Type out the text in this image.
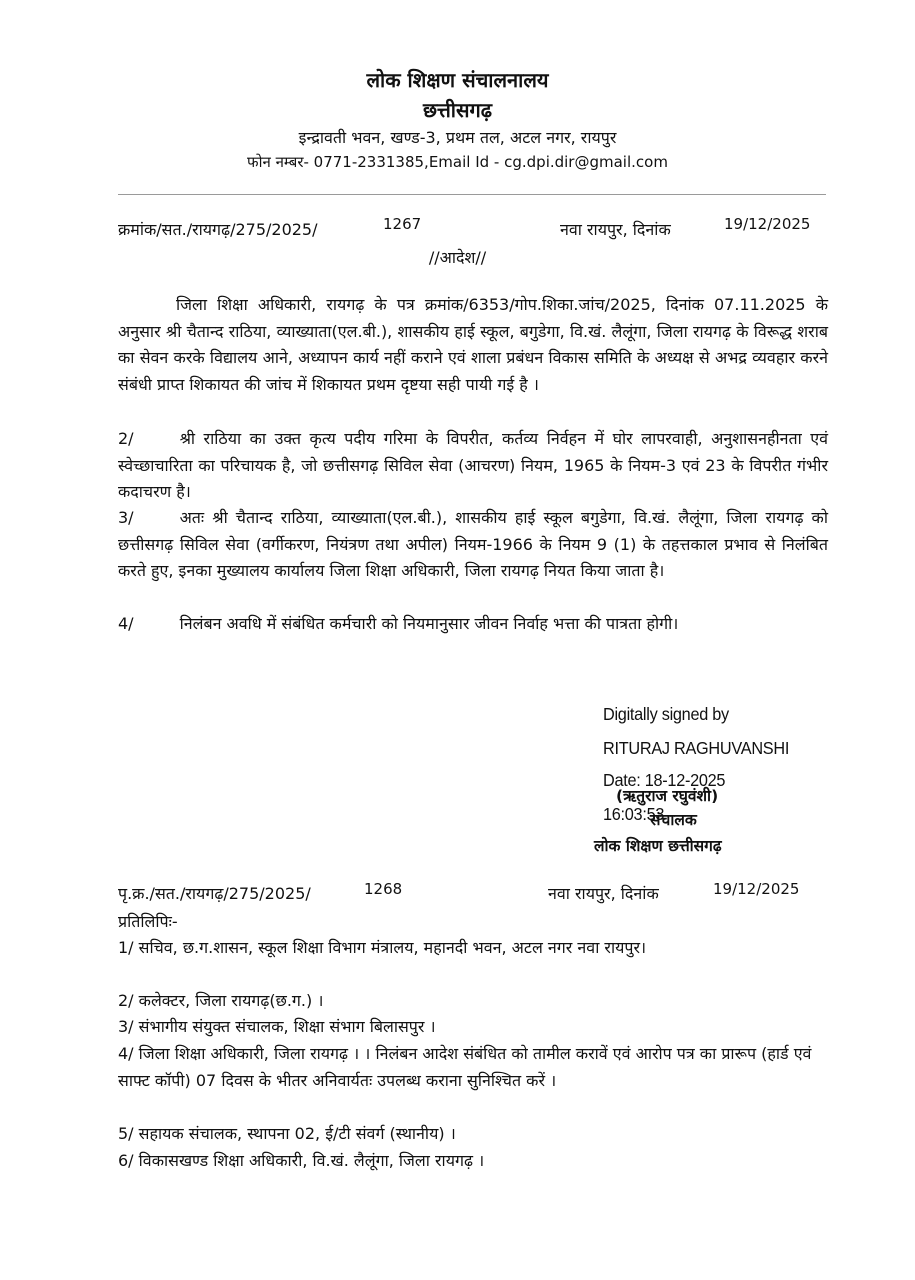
लोक शिक्षण संचालनालय
छत्तीसगढ़
इन्द्रावती भवन, खण्ड-3, प्रथम तल, अटल नगर, रायपुर
फोन नम्बर- 0771-2331385,Email Id - cg.dpi.dir@gmail.com
क्रमांक/सत./रायगढ़/275/2025/	1267	नवा रायपुर, दिनांक	19/12/2025
//आदेश//
जिला शिक्षा अधिकारी, रायगढ़ के पत्र क्रमांक/6353/गोप.शिका.जांच/2025, दिनांक 07.11.2025 के अनुसार श्री चैतान्द राठिया, व्याख्याता(एल.बी.), शासकीय हाई स्कूल, बगुडेगा, वि.खं. लैलूंगा, जिला रायगढ़ के विरूद्ध शराब का सेवन करके विद्यालय आने, अध्यापन कार्य नहीं कराने एवं शाला प्रबंधन विकास समिति के अध्यक्ष से अभद्र व्यवहार करने संबंधी प्राप्त शिकायत की जांच में शिकायत प्रथम दृष्टया सही पायी गई है ।
2/	श्री राठिया का उक्त कृत्य पदीय गरिमा के विपरीत, कर्तव्य निर्वहन में घोर लापरवाही, अनुशासनहीनता एवं स्वेच्छाचारिता का परिचायक है, जो छत्तीसगढ़ सिविल सेवा (आचरण) नियम, 1965 के नियम-3 एवं 23 के विपरीत गंभीर कदाचरण है।
3/	अतः श्री चैतान्द राठिया, व्याख्याता(एल.बी.), शासकीय हाई स्कूल बगुडेगा, वि.खं. लैलूंगा, जिला रायगढ़ को छत्तीसगढ़ सिविल सेवा (वर्गीकरण, नियंत्रण तथा अपील) नियम-1966 के नियम 9 (1) के तहत्तकाल प्रभाव से निलंबित करते हुए, इनका मुख्यालय कार्यालय जिला शिक्षा अधिकारी, जिला रायगढ़ नियत किया जाता है।
4/	निलंबन अवधि में संबंधित कर्मचारी को नियमानुसार जीवन निर्वाह भत्ता की पात्रता होगी।
Digitally signed by
RITURAJ RAGHUVANSHI
Date: 18-12-2025
16:03:53
(ऋतुराज रघुवंशी)
संचालक
लोक शिक्षण छत्तीसगढ़
पृ.क्र./सत./रायगढ़/275/2025/	1268	नवा रायपुर, दिनांक	19/12/2025
प्रतिलिपिः-
1/ सचिव, छ.ग.शासन, स्कूल शिक्षा विभाग मंत्रालय, महानदी भवन, अटल नगर नवा रायपुर।
2/ कलेक्टर, जिला रायगढ़(छ.ग.) ।
3/ संभागीय संयुक्त संचालक, शिक्षा संभाग बिलासपुर ।
4/ जिला शिक्षा अधिकारी, जिला रायगढ़ । । निलंबन आदेश संबंधित को तामील करावें एवं आरोप पत्र का प्रारूप (हार्ड एवं साफ्ट कॉपी) 07 दिवस के भीतर अनिवार्यतः उपलब्ध कराना सुनिश्चित करें ।
5/ सहायक संचालक, स्थापना 02, ई/टी संवर्ग (स्थानीय) ।
6/ विकासखण्ड शिक्षा अधिकारी, वि.खं. लैलूंगा, जिला रायगढ़ ।
